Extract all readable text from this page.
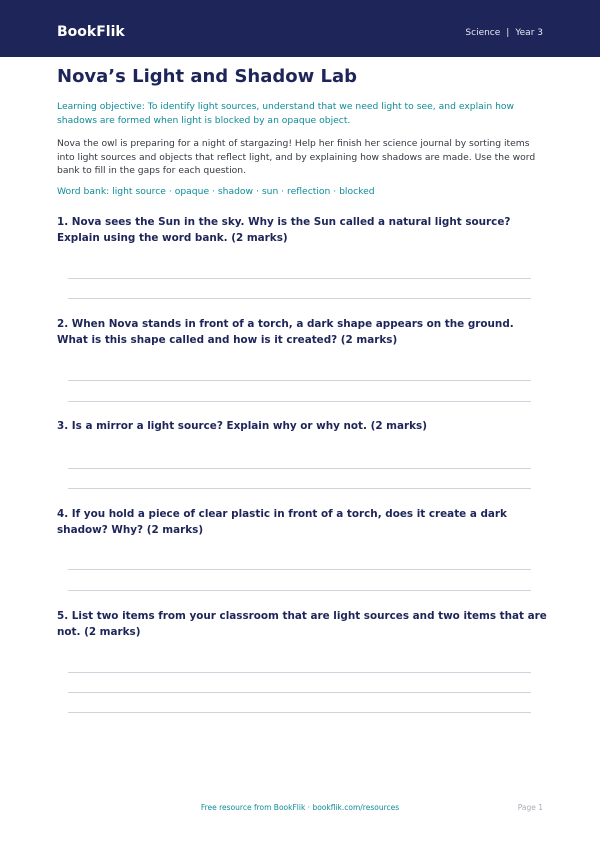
BookFlik	Science | Year 3
Nova’s Light and Shadow Lab
Learning objective: To identify light sources, understand that we need light to see, and explain how shadows are formed when light is blocked by an opaque object.
Nova the owl is preparing for a night of stargazing! Help her finish her science journal by sorting items into light sources and objects that reflect light, and by explaining how shadows are made. Use the word bank to fill in the gaps for each question.
Word bank: light source · opaque · shadow · sun · reflection · blocked
1. Nova sees the Sun in the sky. Why is the Sun called a natural light source? Explain using the word bank. (2 marks)
2. When Nova stands in front of a torch, a dark shape appears on the ground. What is this shape called and how is it created? (2 marks)
3. Is a mirror a light source? Explain why or why not. (2 marks)
4. If you hold a piece of clear plastic in front of a torch, does it create a dark shadow? Why? (2 marks)
5. List two items from your classroom that are light sources and two items that are not. (2 marks)
Free resource from BookFlik · bookflik.com/resources	Page 1
